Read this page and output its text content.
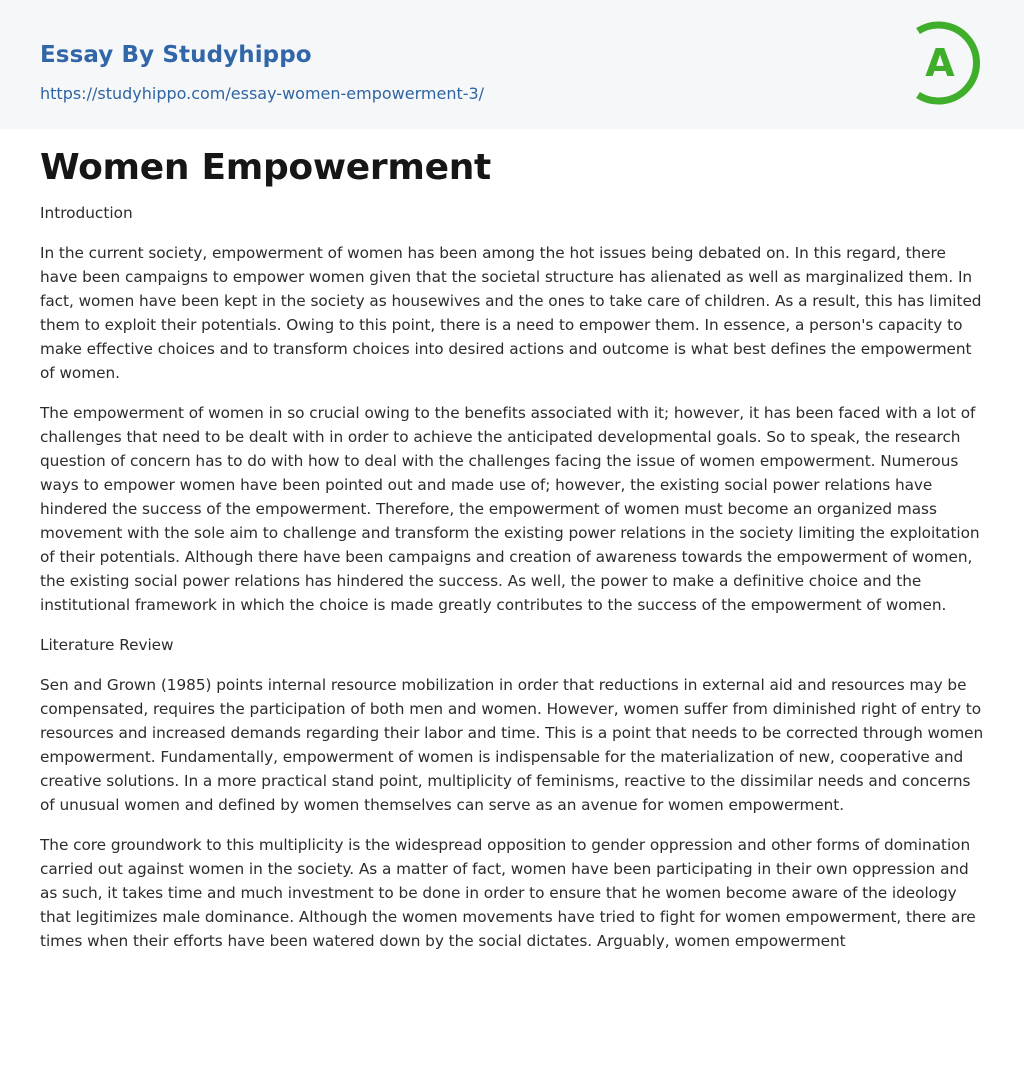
Essay By Studyhippo
https://studyhippo.com/essay-women-empowerment-3/
A
Women Empowerment

Introduction

In the current society, empowerment of women has been among the hot issues being debated on. In this regard, there have been campaigns to empower women given that the societal structure has alienated as well as marginalized them. In fact, women have been kept in the society as housewives and the ones to take care of children. As a result, this has limited them to exploit their potentials. Owing to this point, there is a need to empower them. In essence, a person's capacity to make effective choices and to transform choices into desired actions and outcome is what best defines the empowerment of women.

The empowerment of women in so crucial owing to the benefits associated with it; however, it has been faced with a lot of challenges that need to be dealt with in order to achieve the anticipated developmental goals. So to speak, the research question of concern has to do with how to deal with the challenges facing the issue of women empowerment. Numerous ways to empower women have been pointed out and made use of; however, the existing social power relations have hindered the success of the empowerment. Therefore, the empowerment of women must become an organized mass movement with the sole aim to challenge and transform the existing power relations in the society limiting the exploitation of their potentials. Although there have been campaigns and creation of awareness towards the empowerment of women, the existing social power relations has hindered the success. As well, the power to make a definitive choice and the institutional framework in which the choice is made greatly contributes to the success of the empowerment of women.

Literature Review

Sen and Grown (1985) points internal resource mobilization in order that reductions in external aid and resources may be compensated, requires the participation of both men and women. However, women suffer from diminished right of entry to resources and increased demands regarding their labor and time. This is a point that needs to be corrected through women empowerment. Fundamentally, empowerment of women is indispensable for the materialization of new, cooperative and creative solutions. In a more practical stand point, multiplicity of feminisms, reactive to the dissimilar needs and concerns of unusual women and defined by women themselves can serve as an avenue for women empowerment.

The core groundwork to this multiplicity is the widespread opposition to gender oppression and other forms of domination carried out against women in the society. As a matter of fact, women have been participating in their own oppression and as such, it takes time and much investment to be done in order to ensure that he women become aware of the ideology that legitimizes male dominance. Although the women movements have tried to fight for women empowerment, there are times when their efforts have been watered down by the social dictates. Arguably, women empowerment
